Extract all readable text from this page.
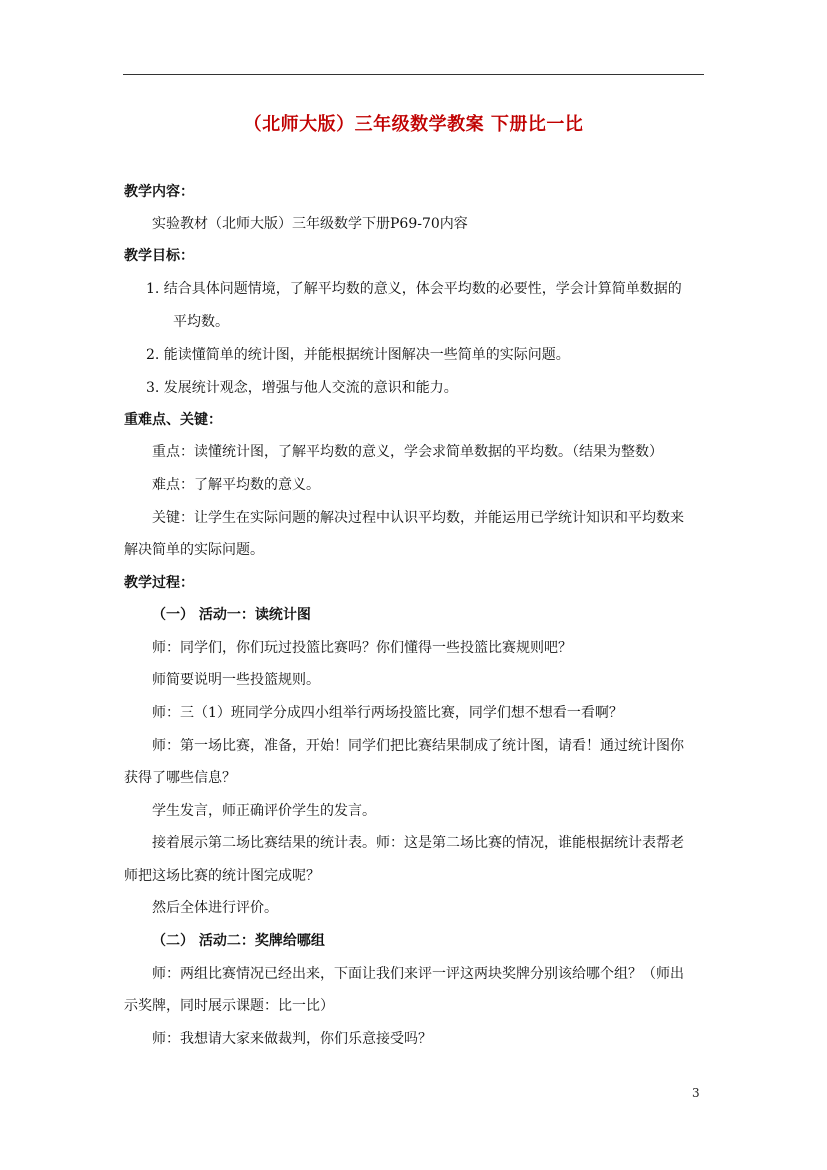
（北师大版）三年级数学教案 下册比一比
教学内容：
实验教材（北师大版）三年级数学下册P69-70内容
教学目标：
1. 结合具体问题情境，了解平均数的意义，体会平均数的必要性，学会计算简单数据的
平均数。
2. 能读懂简单的统计图，并能根据统计图解决一些简单的实际问题。
3. 发展统计观念，增强与他人交流的意识和能力。
重难点、关键：
重点：读懂统计图，了解平均数的意义，学会求简单数据的平均数。（结果为整数）
难点：了解平均数的意义。
关键：让学生在实际问题的解决过程中认识平均数，并能运用已学统计知识和平均数来
解决简单的实际问题。
教学过程：
（一） 活动一：读统计图
师：同学们，你们玩过投篮比赛吗？你们懂得一些投篮比赛规则吧？
师简要说明一些投篮规则。
师：三（1）班同学分成四小组举行两场投篮比赛，同学们想不想看一看啊？
师：第一场比赛，准备，开始！同学们把比赛结果制成了统计图，请看！通过统计图你
获得了哪些信息？
学生发言，师正确评价学生的发言。
接着展示第二场比赛结果的统计表。师：这是第二场比赛的情况，谁能根据统计表帮老
师把这场比赛的统计图完成呢？
然后全体进行评价。
（二） 活动二：奖牌给哪组
师：两组比赛情况已经出来，下面让我们来评一评这两块奖牌分别该给哪个组？（师出
示奖牌，同时展示课题：比一比）
师：我想请大家来做裁判，你们乐意接受吗？
3
